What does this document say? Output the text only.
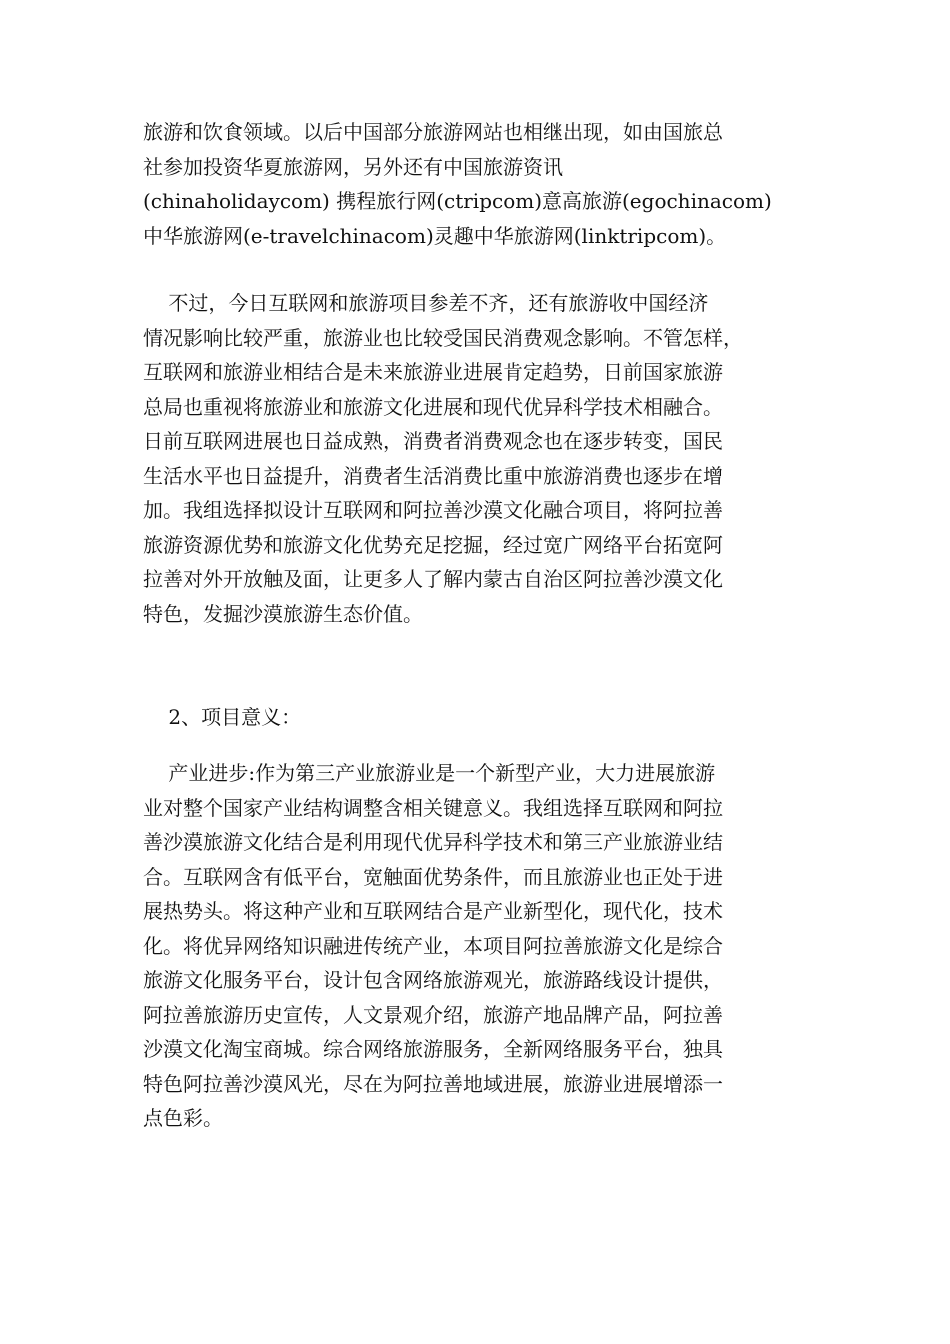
旅游和饮食领域。以后中国部分旅游网站也相继出现，如由国旅总
社参加投资华夏旅游网，另外还有中国旅游资讯
(chinaholidaycom) 携程旅行网(ctripcom)意高旅游(egochinacom)
中华旅游网(e-travelchinacom)灵趣中华旅游网(linktripcom)。
不过，今日互联网和旅游项目参差不齐，还有旅游收中国经济
情况影响比较严重，旅游业也比较受国民消费观念影响。不管怎样，
互联网和旅游业相结合是未来旅游业进展肯定趋势，日前国家旅游
总局也重视将旅游业和旅游文化进展和现代优异科学技术相融合。
日前互联网进展也日益成熟，消费者消费观念也在逐步转变，国民
生活水平也日益提升，消费者生活消费比重中旅游消费也逐步在增
加。我组选择拟设计互联网和阿拉善沙漠文化融合项目，将阿拉善
旅游资源优势和旅游文化优势充足挖掘，经过宽广网络平台拓宽阿
拉善对外开放触及面，让更多人了解内蒙古自治区阿拉善沙漠文化
特色，发掘沙漠旅游生态价值。
2、项目意义：
产业进步:作为第三产业旅游业是一个新型产业，大力进展旅游
业对整个国家产业结构调整含相关键意义。我组选择互联网和阿拉
善沙漠旅游文化结合是利用现代优异科学技术和第三产业旅游业结
合。互联网含有低平台，宽触面优势条件，而且旅游业也正处于进
展热势头。将这种产业和互联网结合是产业新型化，现代化，技术
化。将优异网络知识融进传统产业，本项目阿拉善旅游文化是综合
旅游文化服务平台，设计包含网络旅游观光，旅游路线设计提供，
阿拉善旅游历史宣传，人文景观介绍，旅游产地品牌产品，阿拉善
沙漠文化淘宝商城。综合网络旅游服务，全新网络服务平台，独具
特色阿拉善沙漠风光，尽在为阿拉善地域进展，旅游业进展增添一
点色彩。
